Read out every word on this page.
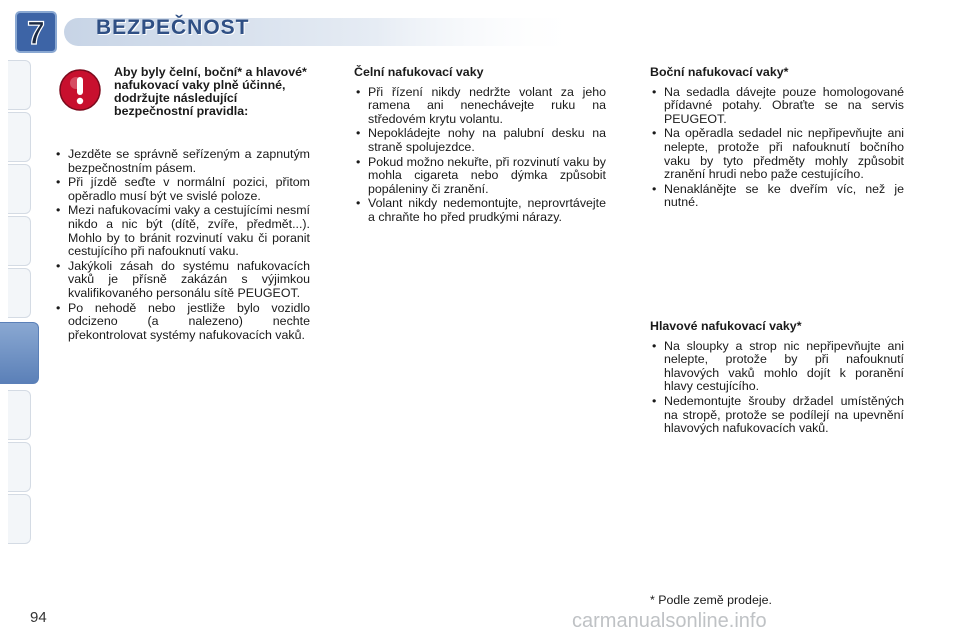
7 BEZPEČNOST
Aby byly čelní, boční* a hlavové* nafukovací vaky plně účinné, dodržujte následující bezpečnostní pravidla:
• Jezděte se správně seřízeným a zapnutým bezpečnostním pásem.
• Při jízdě seďte v normální pozici, přitom opěradlo musí být ve svislé poloze.
• Mezi nafukovacími vaky a cestujícími nesmí nikdo a nic být (dítě, zvíře, předmět...). Mohlo by to bránit rozvinutí vaku či poranit cestujícího při nafouknutí vaku.
• Jakýkoli zásah do systému nafukovacích vaků je přísně zakázán s výjimkou kvalifikovaného personálu sítě PEUGEOT.
• Po nehodě nebo jestliže bylo vozidlo odcizeno (a nalezeno) nechte překontrolovat systémy nafukovacích vaků.
Čelní nafukovací vaky
• Při řízení nikdy nedržte volant za jeho ramena ani nenechávejte ruku na středovém krytu volantu.
• Nepokládejte nohy na palubní desku na straně spolujezdce.
• Pokud možno nekuřte, při rozvinutí vaku by mohla cigareta nebo dýmka způsobit popáleniny či zranění.
• Volant nikdy nedemontujte, neprovrtávejte a chraňte ho před prudkými nárazy.
Boční nafukovací vaky*
• Na sedadla dávejte pouze homologované přídavné potahy. Obraťte se na servis PEUGEOT.
• Na opěradla sedadel nic nepřipevňujte ani nelepte, protože při nafouknutí bočního vaku by tyto předměty mohly způsobit zranění hrudi nebo paže cestujícího.
• Nenaklánějte se ke dveřím víc, než je nutné.
Hlavové nafukovací vaky*
• Na sloupky a strop nic nepřipevňujte ani nelepte, protože by při nafouknutí hlavových vaků mohlo dojít k poranění hlavy cestujícího.
• Nedemontujte šrouby držadel umístěných na stropě, protože se podílejí na upevnění hlavových nafukovacích vaků.
* Podle země prodeje.
94	carmanualsonline.info
